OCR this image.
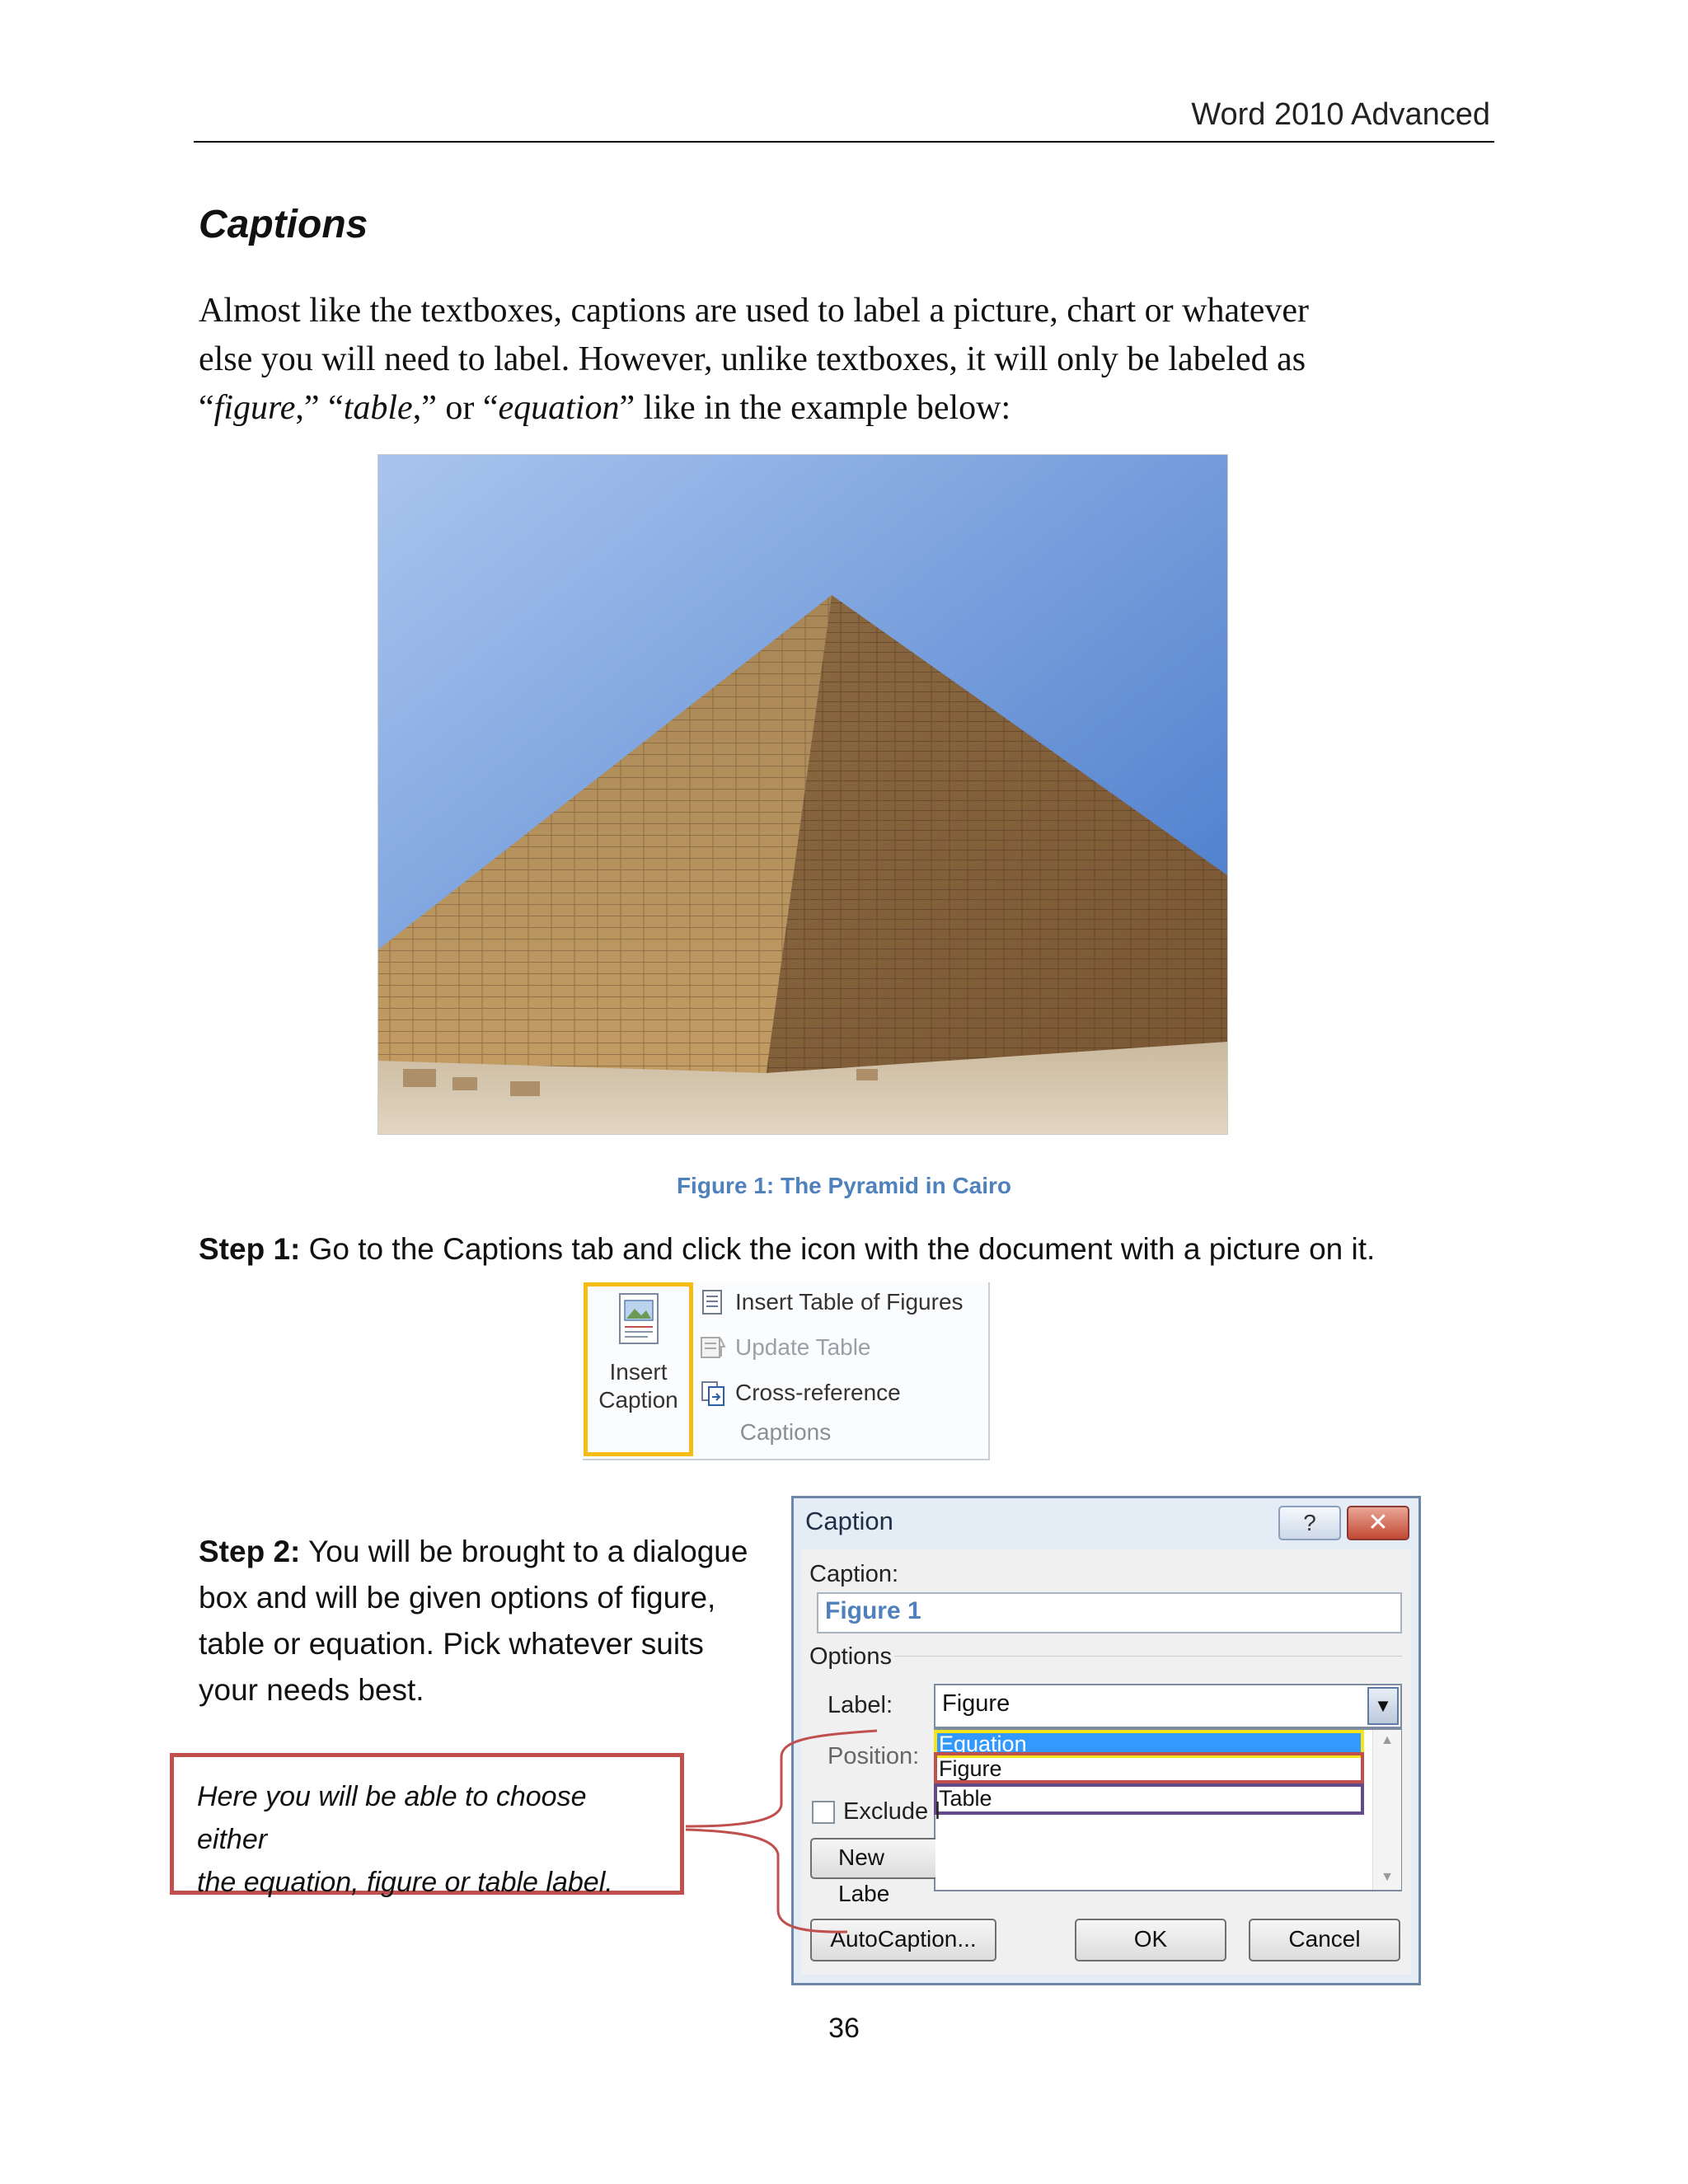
Word 2010 Advanced
Captions
Almost like the textboxes, captions are used to label a picture, chart or whatever
else you will need to label. However, unlike textboxes, it will only be labeled as
“figure,” “table,” or “equation” like in the example below:
Figure 1: The Pyramid in Cairo
Step 1: Go to the Captions tab and click the icon with the document with a picture on it.
Insert
Caption
Insert Table of Figures
Update Table
Cross-reference
Captions
Step 2: You will be brought to a dialogue
box and will be given options of figure,
table or equation. Pick whatever suits
your needs best.
Here you will be able to choose either
the equation, figure or table label.
Caption	?	✕
Caption:
Figure 1
Options
Label:	Figure	▼
Position:
▲
▼
Equation
Figure
Table
Exclude l
New Labe
AutoCaption...	OK	Cancel
36
